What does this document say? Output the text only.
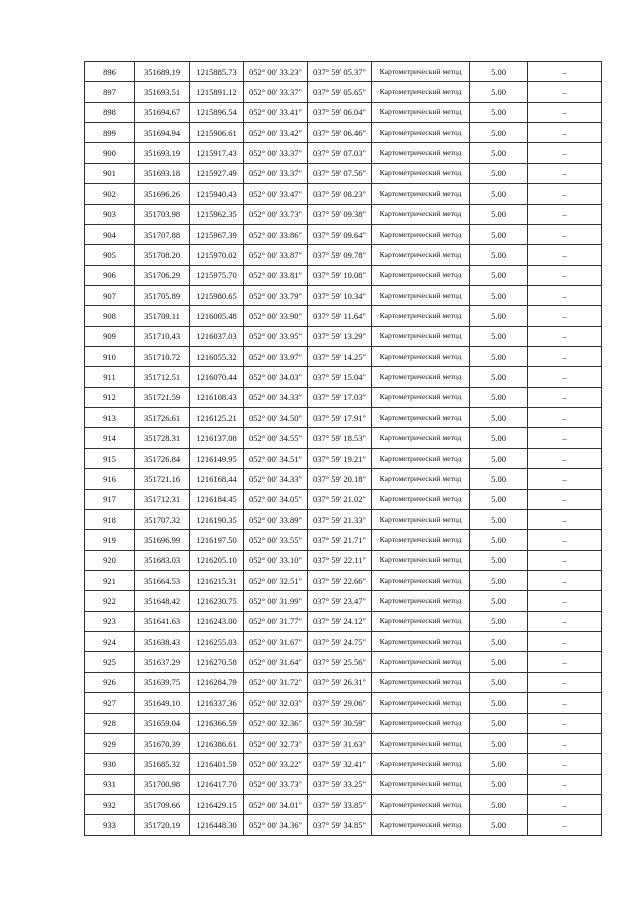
896	351689.19	1215885.73	052° 00' 33.23"	037° 59' 05.37"	Картометрический метод	5.00	–
897	351693.51	1215891.12	052° 00' 33.37"	037° 59' 05.65"	Картометрический метод	5.00	–
898	351694.67	1215896.54	052° 00' 33.41"	037° 59' 06.04"	Картометрический метод	5.00	–
899	351694.94	1215906.61	052° 00' 33.42"	037° 59' 06.46"	Картометрический метод	5.00	–
900	351693.19	1215917.43	052° 00' 33.37"	037° 59' 07.03"	Картометрический метод	5.00	–
901	351693.18	1215927.49	052° 00' 33.37"	037° 59' 07.56"	Картометрический метод	5.00	–
902	351696.26	1215940.43	052° 00' 33.47"	037° 59' 08.23"	Картометрический метод	5.00	–
903	351703.98	1215962.35	052° 00' 33.73"	037° 59' 09.38"	Картометрический метод	5.00	–
904	351707.88	1215967.39	052° 00' 33.86"	037° 59' 09.64"	Картометрический метод	5.00	–
905	351708.20	1215970.02	052° 00' 33.87"	037° 59' 09.78"	Картометрический метод	5.00	–
906	351706.29	1215975.70	052° 00' 33.81"	037° 59' 10.08"	Картометрический метод	5.00	–
907	351705.89	1215980.65	052° 00' 33.79"	037° 59' 10.34"	Картометрический метод	5.00	–
908	351709.11	1216005.48	052° 00' 33.90"	037° 59' 11.64"	Картометрический метод	5.00	–
909	351710.43	1216037.03	052° 00' 33.95"	037° 59' 13.29"	Картометрический метод	5.00	–
910	351710.72	1216055.32	052° 00' 33.97"	037° 59' 14.25"	Картометрический метод	5.00	–
911	351712.51	1216070.44	052° 00' 34.03"	037° 59' 15.04"	Картометрический метод	5.00	–
912	351721.59	1216108.43	052° 00' 34.33"	037° 59' 17.03"	Картометрический метод	5.00	–
913	351726.61	1216125.21	052° 00' 34.50"	037° 59' 17.91"	Картометрический метод	5.00	–
914	351728.31	1216137.08	052° 00' 34.55"	037° 59' 18.53"	Картометрический метод	5.00	–
915	351726.84	1216149.95	052° 00' 34.51"	037° 59' 19.21"	Картометрический метод	5.00	–
916	351721.16	1216168.44	052° 00' 34.33"	037° 59' 20.18"	Картометрический метод	5.00	–
917	351712.31	1216184.45	052° 00' 34.05"	037° 59' 21.02"	Картометрический метод	5.00	–
918	351707.32	1216190.35	052° 00' 33.89"	037° 59' 21.33"	Картометрический метод	5.00	–
919	351696.99	1216197.50	052° 00' 33.55"	037° 59' 21.71"	Картометрический метод	5.00	–
920	351683.03	1216205.10	052° 00' 33.10"	037° 59' 22.11"	Картометрический метод	5.00	–
921	351664.53	1216215.31	052° 00' 32.51"	037° 59' 22.66"	Картометрический метод	5.00	–
922	351648.42	1216230.75	052° 00' 31.99"	037° 59' 23.47"	Картометрический метод	5.00	–
923	351641.63	1216243.00	052° 00' 31.77"	037° 59' 24.12"	Картометрический метод	5.00	–
924	351638.43	1216255.03	052° 00' 31.67"	037° 59' 24.75"	Картометрический метод	5.00	–
925	351637.29	1216270.58	052° 00' 31.64"	037° 59' 25.56"	Картометрический метод	5.00	–
926	351639.75	1216284.79	052° 00' 31.72"	037° 59' 26.31"	Картометрический метод	5.00	–
927	351649.10	1216337.36	052° 00' 32.03"	037° 59' 29.06"	Картометрический метод	5.00	–
928	351659.04	1216366.59	052° 00' 32.36"	037° 59' 30.59"	Картометрический метод	5.00	–
929	351670.39	1216386.61	052° 00' 32.73"	037° 59' 31.63"	Картометрический метод	5.00	–
930	351685.32	1216401.59	052° 00' 33.22"	037° 59' 32.41"	Картометрический метод	5.00	–
931	351700.98	1216417.70	052° 00' 33.73"	037° 59' 33.25"	Картометрический метод	5.00	–
932	351709.66	1216429.15	052° 00' 34.01"	037° 59' 33.85"	Картометрический метод	5.00	–
933	351720.19	1216448.30	052° 00' 34.36"	037° 59' 34.85"	Картометрический метод	5.00	–
